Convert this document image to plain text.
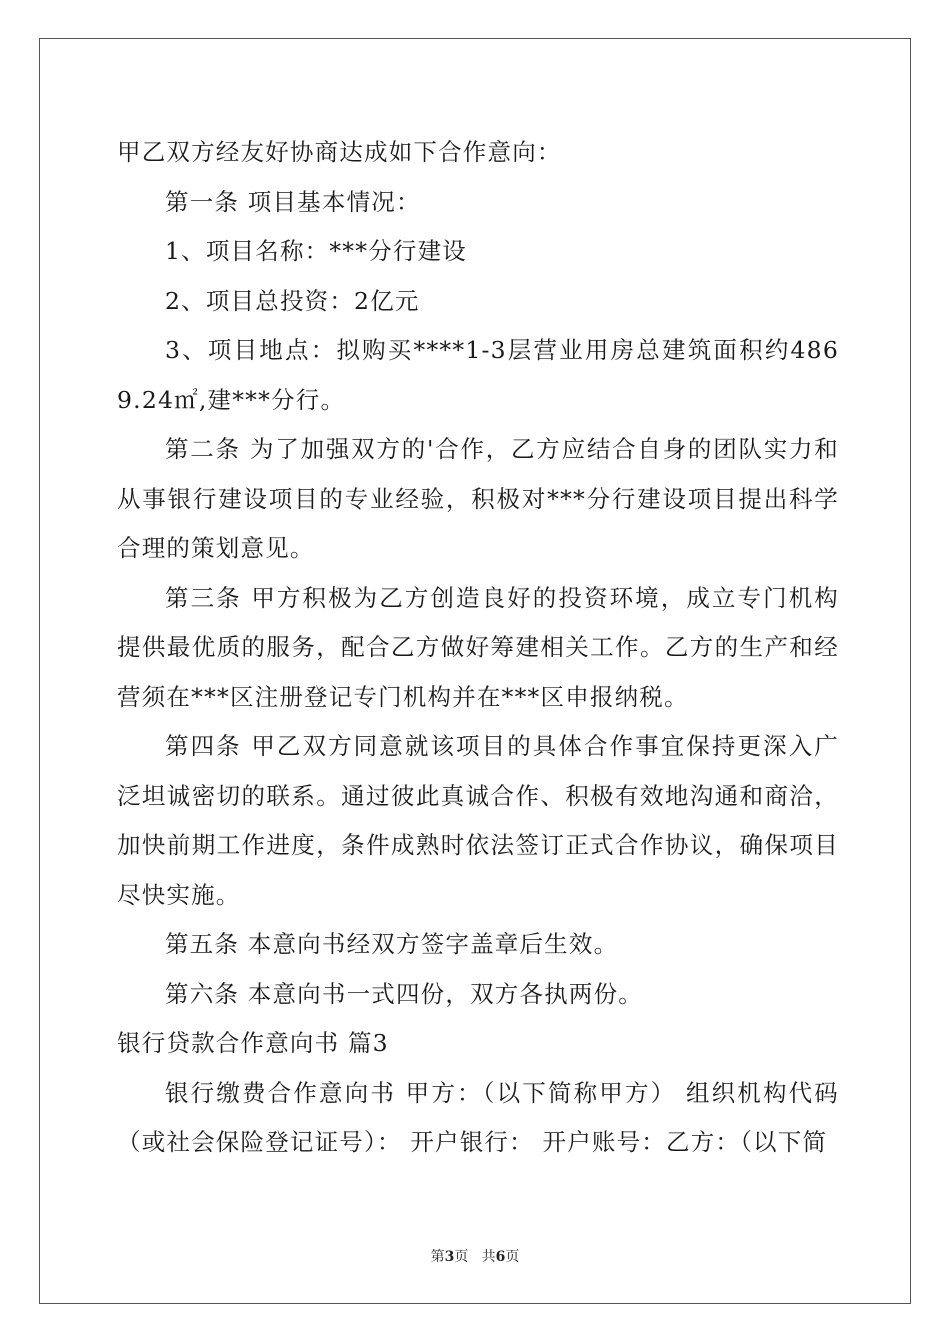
甲乙双方经友好协商达成如下合作意向：

第一条 项目基本情况：

1、项目名称：***分行建设

2、项目总投资：2亿元

3、项目地点：拟购买****1-3层营业用房总建筑面积约4869.24㎡,建***分行。

第二条 为了加强双方的'合作，乙方应结合自身的团队实力和从事银行建设项目的专业经验，积极对***分行建设项目提出科学合理的策划意见。

第三条 甲方积极为乙方创造良好的投资环境，成立专门机构提供最优质的服务，配合乙方做好筹建相关工作。乙方的生产和经营须在***区注册登记专门机构并在***区申报纳税。

第四条 甲乙双方同意就该项目的具体合作事宜保持更深入广泛坦诚密切的联系。通过彼此真诚合作、积极有效地沟通和商洽，加快前期工作进度，条件成熟时依法签订正式合作协议，确保项目尽快实施。

第五条 本意向书经双方签字盖章后生效。

第六条 本意向书一式四份，双方各执两份。

银行贷款合作意向书 篇3

银行缴费合作意向书 甲方：（以下简称甲方） 组织机构代码（或社会保险登记证号）： 开户银行： 开户账号：乙方：（以下简

第3页 共6页
